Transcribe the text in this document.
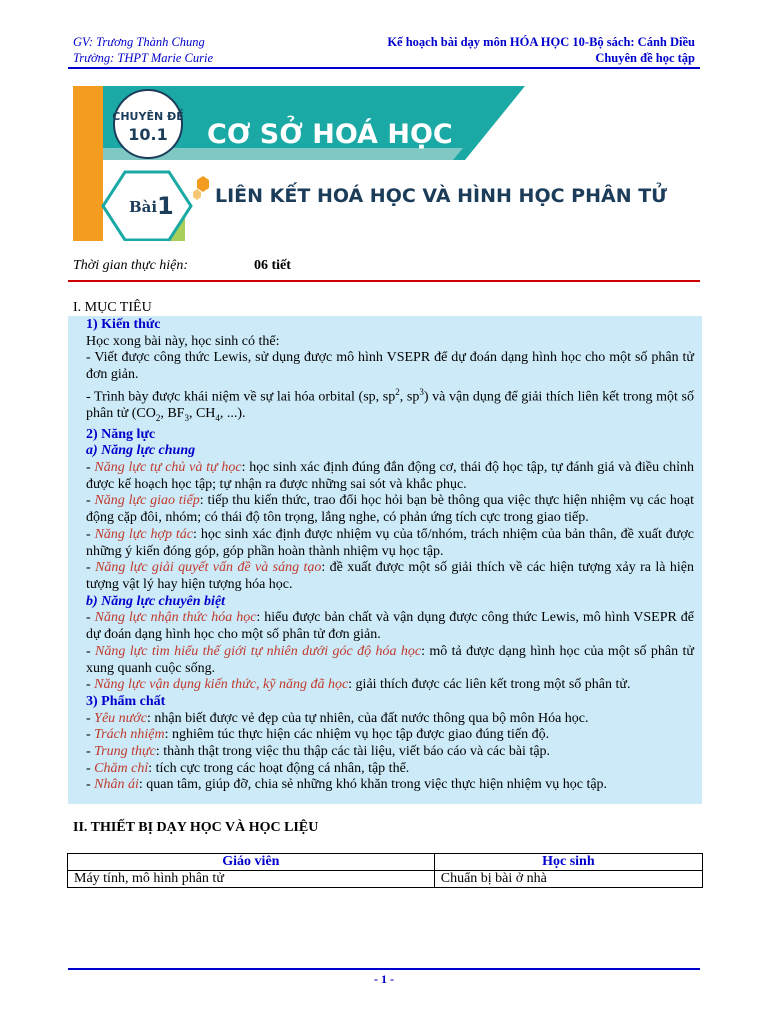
GV: Trương Thành Chung
Trường: THPT Marie Curie
Kế hoạch bài dạy môn HÓA HỌC 10-Bộ sách: Cánh Diều
Chuyên đề học tập
CHUYÊN ĐỀ
10.1 CƠ SỞ HOÁ HỌC
Bài 1 LIÊN KẾT HOÁ HỌC VÀ HÌNH HỌC PHÂN TỬ
Thời gian thực hiện:	06 tiết
I. MỤC TIÊU

1) Kiến thức

Học xong bài này, học sinh có thể:

- Viết được công thức Lewis, sử dụng được mô hình VSEPR để dự đoán dạng hình học cho một số phân tử đơn giản.

- Trình bày được khái niệm về sự lai hóa orbital (sp, $sp^2$, $sp^3$) và vận dụng để giải thích liên kết trong một số phân tử ($CO_2$, $BF_3$, $CH_4$, ...).

2) Năng lực

a) Năng lực chung

- Năng lực tự chủ và tự học: học sinh xác định đúng đắn động cơ, thái độ học tập, tự đánh giá và điều chỉnh được kế hoạch học tập; tự nhận ra được những sai sót và khắc phục.

- Năng lực giao tiếp: tiếp thu kiến thức, trao đổi học hỏi bạn bè thông qua việc thực hiện nhiệm vụ các hoạt động cặp đôi, nhóm; có thái độ tôn trọng, lắng nghe, có phản ứng tích cực trong giao tiếp.

- Năng lực hợp tác: học sinh xác định được nhiệm vụ của tổ/nhóm, trách nhiệm của bản thân, đề xuất được những ý kiến đóng góp, góp phần hoàn thành nhiệm vụ học tập.

- Năng lực giải quyết vấn đề và sáng tạo: đề xuất được một số giải thích về các hiện tượng xảy ra là hiện tượng vật lý hay hiện tượng hóa học.

b) Năng lực chuyên biệt

- Năng lực nhận thức hóa học: hiểu được bản chất và vận dụng được công thức Lewis, mô hình VSEPR để dự đoán dạng hình học cho một số phân tử đơn giản.

- Năng lực tìm hiểu thế giới tự nhiên dưới góc độ hóa học: mô tả được dạng hình học của một số phân tử xung quanh cuộc sống.

- Năng lực vận dụng kiến thức, kỹ năng đã học: giải thích được các liên kết trong một số phân tử.

3) Phẩm chất

- Yêu nước: nhận biết được vẻ đẹp của tự nhiên, của đất nước thông qua bộ môn Hóa học.

- Trách nhiệm: nghiêm túc thực hiện các nhiệm vụ học tập được giao đúng tiến độ.

- Trung thực: thành thật trong việc thu thập các tài liệu, viết báo cáo và các bài tập.

- Chăm chỉ: tích cực trong các hoạt động cá nhân, tập thể.

- Nhân ái: quan tâm, giúp đỡ, chia sẻ những khó khăn trong việc thực hiện nhiệm vụ học tập.

II. THIẾT BỊ DẠY HỌC VÀ HỌC LIỆU
Giáo viên	Học sinh
Máy tính, mô hình phân tử	Chuẩn bị bài ở nhà
- 1 -
